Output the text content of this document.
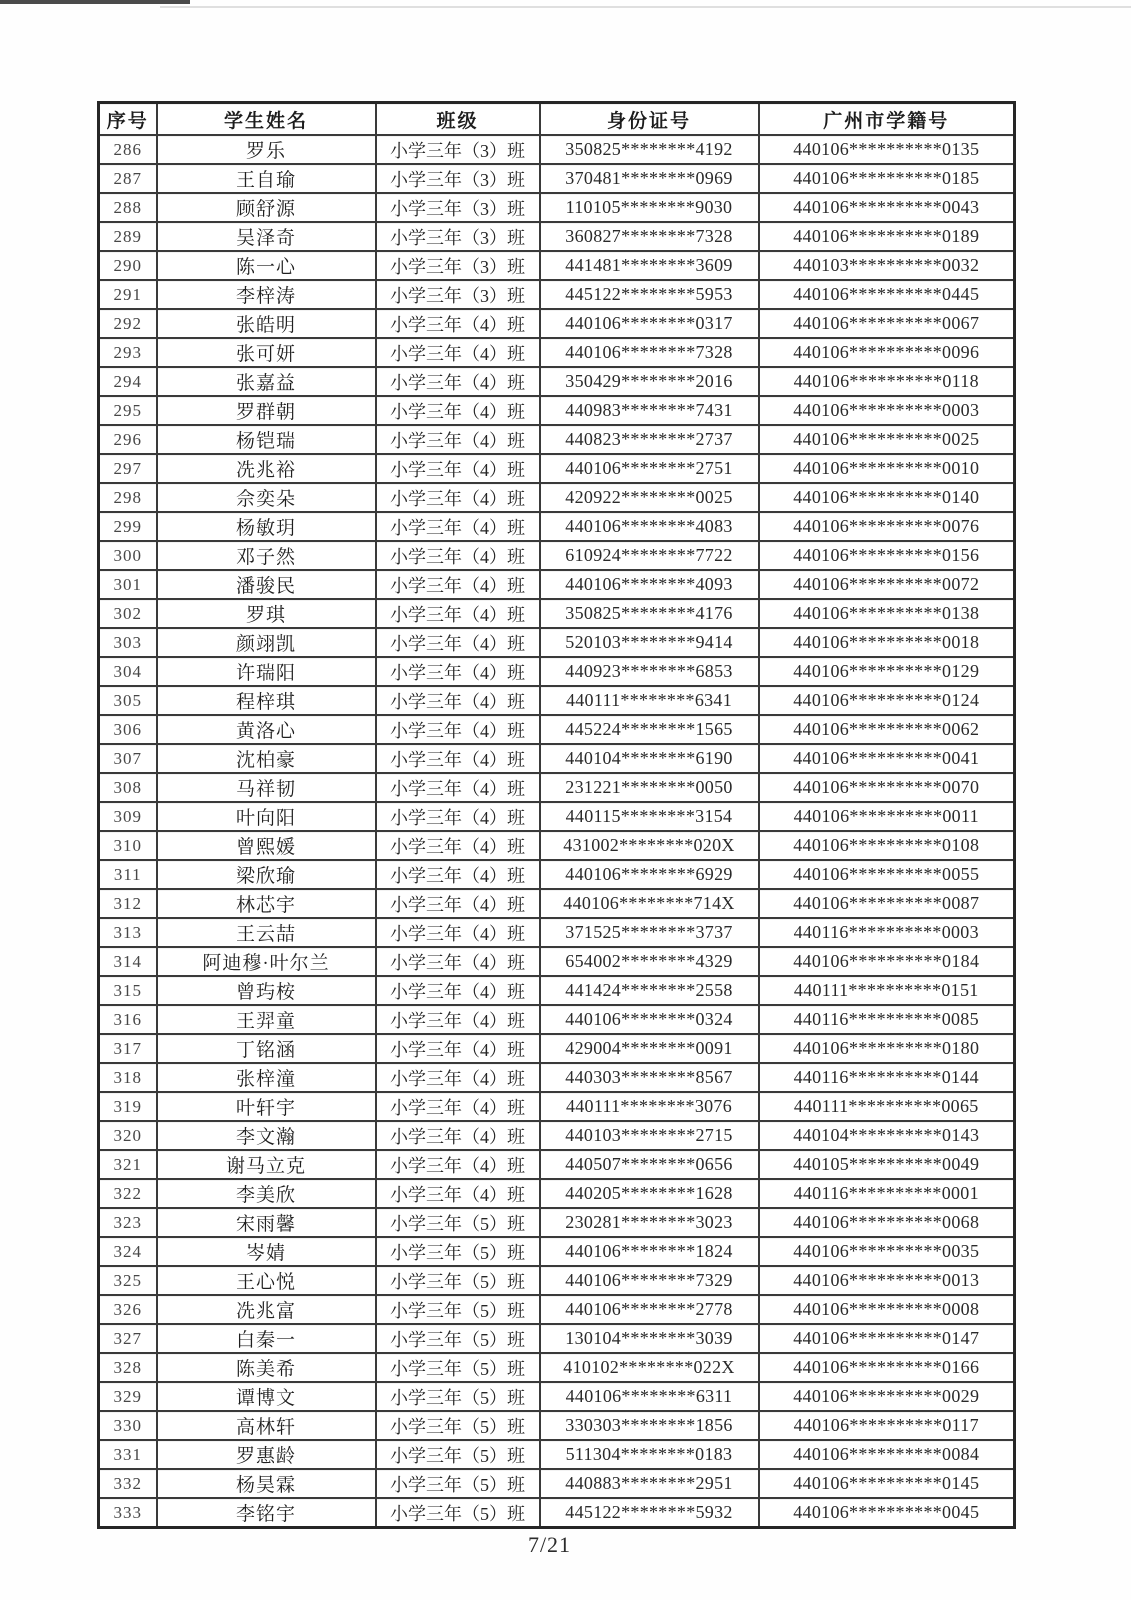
序号	学生姓名	班级	身份证号	广州市学籍号
286	罗乐	小学三年（3）班	350825********4192	440106**********0135
287	王自瑜	小学三年（3）班	370481********0969	440106**********0185
288	顾舒源	小学三年（3）班	110105********9030	440106**********0043
289	吴泽奇	小学三年（3）班	360827********7328	440106**********0189
290	陈一心	小学三年（3）班	441481********3609	440103**********0032
291	李梓涛	小学三年（3）班	445122********5953	440106**********0445
292	张皓明	小学三年（4）班	440106********0317	440106**********0067
293	张可妍	小学三年（4）班	440106********7328	440106**********0096
294	张嘉益	小学三年（4）班	350429********2016	440106**********0118
295	罗群朝	小学三年（4）班	440983********7431	440106**********0003
296	杨铠瑞	小学三年（4）班	440823********2737	440106**********0025
297	冼兆裕	小学三年（4）班	440106********2751	440106**********0010
298	佘奕朵	小学三年（4）班	420922********0025	440106**********0140
299	杨敏玥	小学三年（4）班	440106********4083	440106**********0076
300	邓子然	小学三年（4）班	610924********7722	440106**********0156
301	潘骏民	小学三年（4）班	440106********4093	440106**********0072
302	罗琪	小学三年（4）班	350825********4176	440106**********0138
303	颜翊凯	小学三年（4）班	520103********9414	440106**********0018
304	许瑞阳	小学三年（4）班	440923********6853	440106**********0129
305	程梓琪	小学三年（4）班	440111********6341	440106**********0124
306	黄洛心	小学三年（4）班	445224********1565	440106**********0062
307	沈柏豪	小学三年（4）班	440104********6190	440106**********0041
308	马祥韧	小学三年（4）班	231221********0050	440106**********0070
309	叶向阳	小学三年（4）班	440115********3154	440106**********0011
310	曾熙媛	小学三年（4）班	431002********020X	440106**********0108
311	梁欣瑜	小学三年（4）班	440106********6929	440106**********0055
312	林芯宇	小学三年（4）班	440106********714X	440106**********0087
313	王云喆	小学三年（4）班	371525********3737	440116**********0003
314	阿迪穆·叶尔兰	小学三年（4）班	654002********4329	440106**********0184
315	曾玙桉	小学三年（4）班	441424********2558	440111**********0151
316	王羿童	小学三年（4）班	440106********0324	440116**********0085
317	丁铭涵	小学三年（4）班	429004********0091	440106**********0180
318	张梓潼	小学三年（4）班	440303********8567	440116**********0144
319	叶轩宇	小学三年（4）班	440111********3076	440111**********0065
320	李文瀚	小学三年（4）班	440103********2715	440104**********0143
321	谢马立克	小学三年（4）班	440507********0656	440105**********0049
322	李美欣	小学三年（4）班	440205********1628	440116**********0001
323	宋雨馨	小学三年（5）班	230281********3023	440106**********0068
324	岑婧	小学三年（5）班	440106********1824	440106**********0035
325	王心悦	小学三年（5）班	440106********7329	440106**********0013
326	冼兆富	小学三年（5）班	440106********2778	440106**********0008
327	白秦一	小学三年（5）班	130104********3039	440106**********0147
328	陈美希	小学三年（5）班	410102********022X	440106**********0166
329	谭博文	小学三年（5）班	440106********6311	440106**********0029
330	高林轩	小学三年（5）班	330303********1856	440106**********0117
331	罗惠龄	小学三年（5）班	511304********0183	440106**********0084
332	杨昊霖	小学三年（5）班	440883********2951	440106**********0145
333	李铭宇	小学三年（5）班	445122********5932	440106**********0045
7/21
